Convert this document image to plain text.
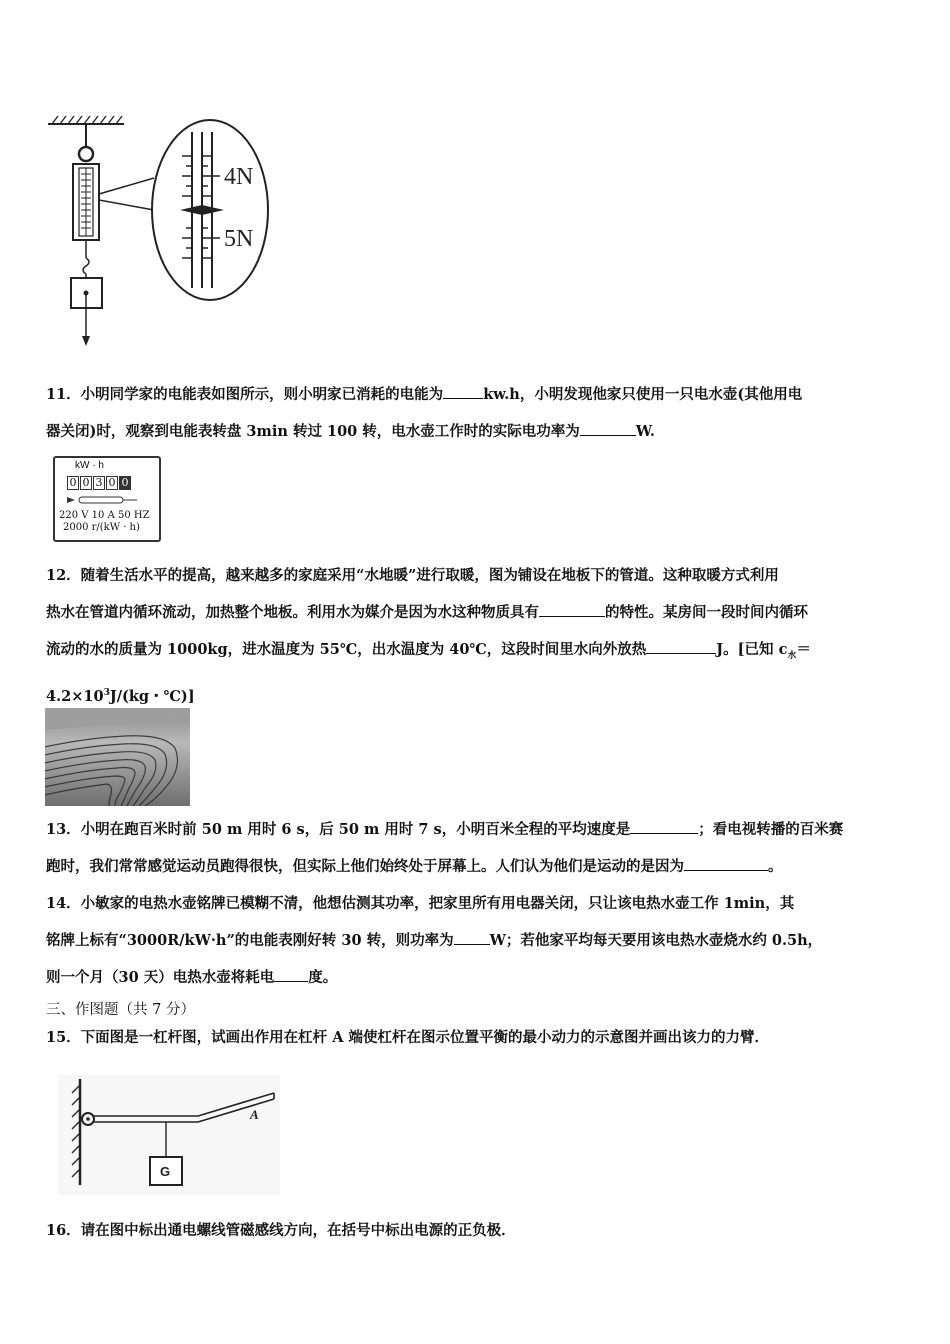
4N
5N

11．小明同学家的电能表如图所示，则小明家已消耗的电能为	kw.h，小明发现他家只使用一只电水壶(其他用电

器关闭)时，观察到电能表转盘 3min 转过 100 转，电水壶工作时的实际电功率为	W.

kW · h
0 0 3 0 0
220 V 10 A 50 HZ
2000 r/(kW · h)

12．随着生活水平的提高，越来越多的家庭采用“水地暖”进行取暖，图为铺设在地板下的管道。这种取暖方式利用

热水在管道内循环流动，加热整个地板。利用水为媒介是因为水这种物质具有	的特性。某房间一段时间内循环

流动的水的质量为 1000kg，进水温度为 55℃，出水温度为 40℃，这段时间里水向外放热	J。[已知 $c_水=$

$4.2\times 10^3J/(kg$・℃)]

13．小明在跑百米时前 50 m 用时 6 s，后 50 m 用时 7 s，小明百米全程的平均速度是	；看电视转播的百米赛

跑时，我们常常感觉运动员跑得很快，但实际上他们始终处于屏幕上。人们认为他们是运动的是因为	。

14．小敏家的电热水壶铭牌已模糊不清，他想估测其功率，把家里所有用电器关闭，只让该电热水壶工作 1min，其

铭牌上标有“3000R/kW·h”的电能表刚好转 30 转，则功率为 W；若他家平均每天要用该电热水壶烧水约 0.5h，

则一个月（30 天）电热水壶将耗电 度。

三、作图题（共 7 分）

15．下面图是一杠杆图，试画出作用在杠杆 A 端使杠杆在图示位置平衡的最小动力的示意图并画出该力的力臂．

A
G

16．请在图中标出通电螺线管磁感线方向，在括号中标出电源的正负极．
